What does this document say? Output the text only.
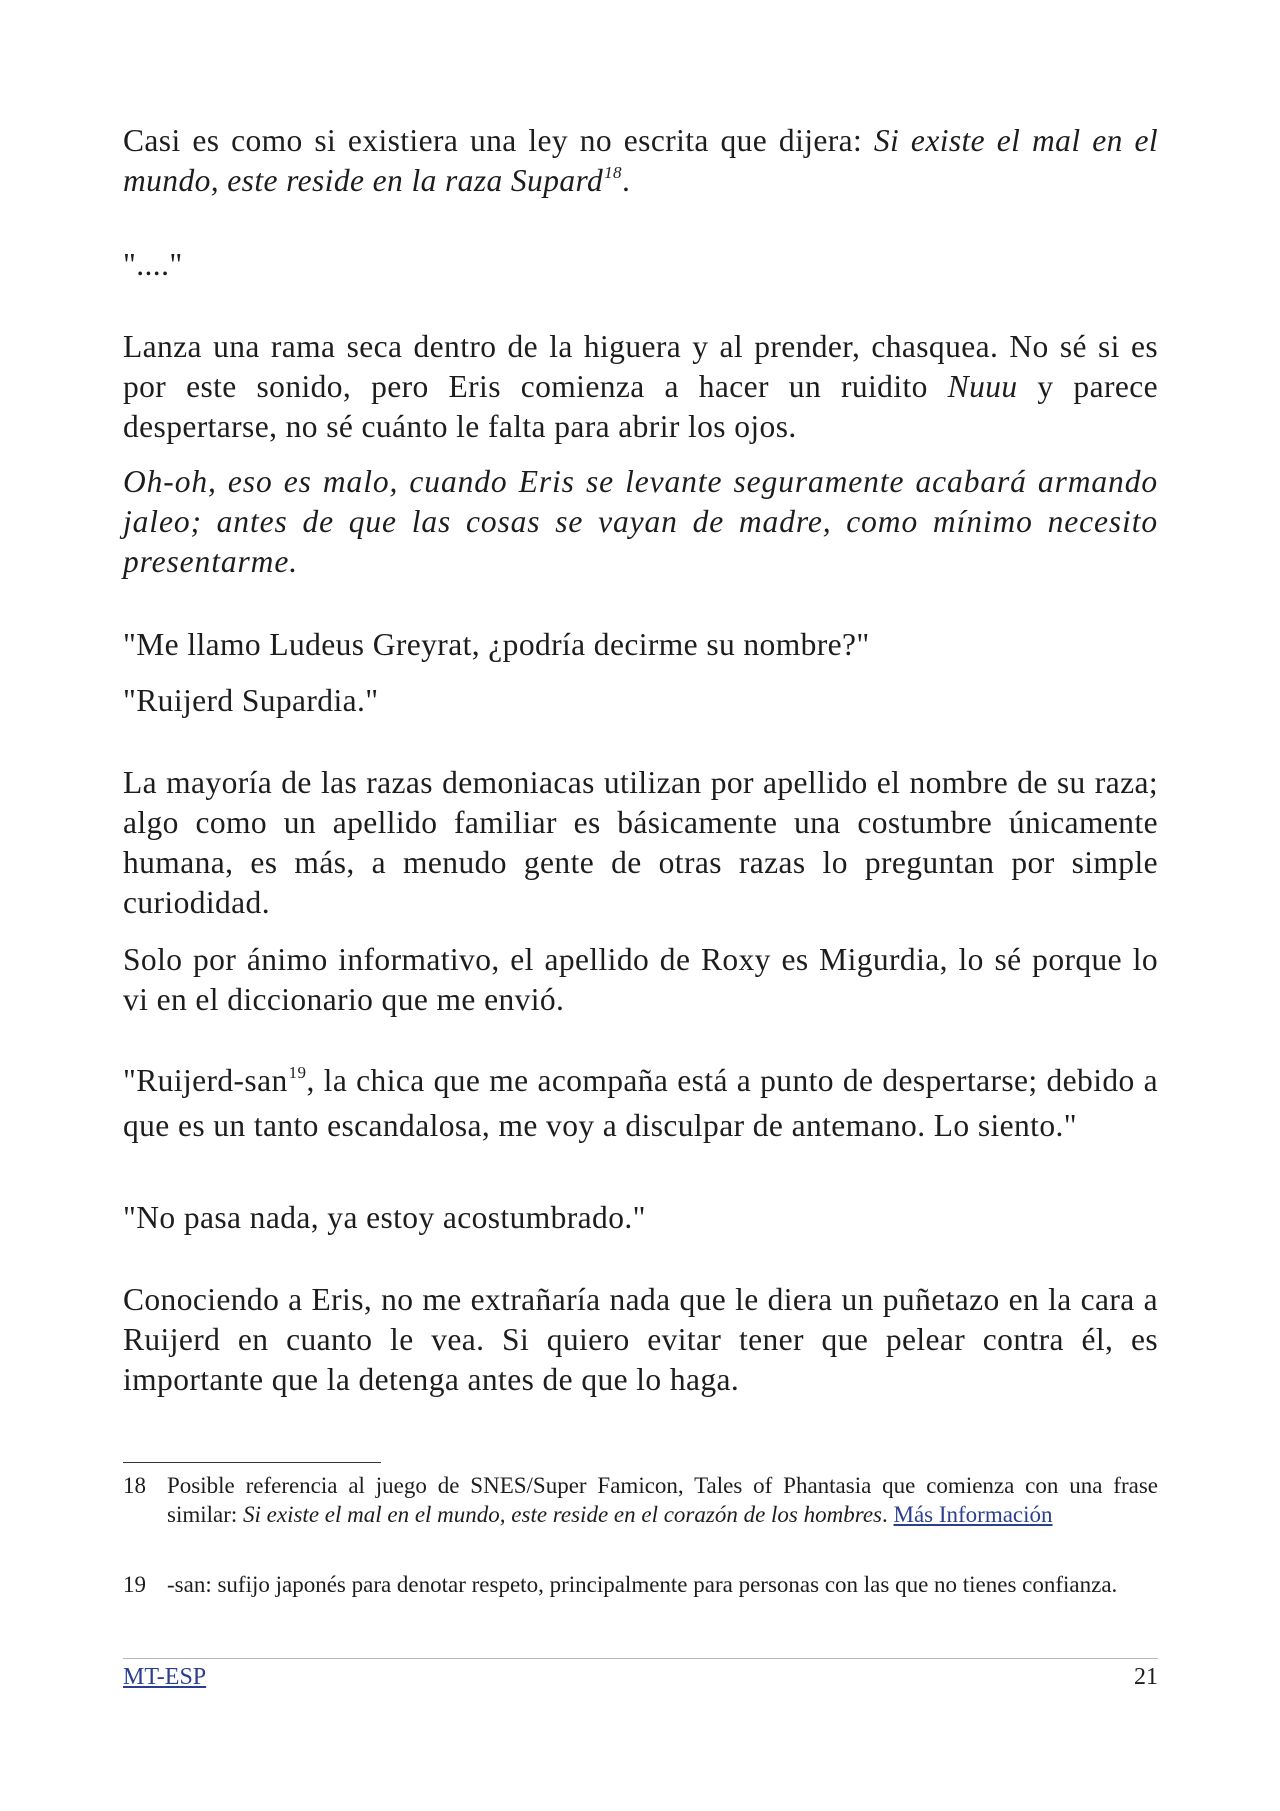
Casi es como si existiera una ley no escrita que dijera: Si existe el mal en el mundo, este reside en la raza Supard$^{18}$.

"...."

Lanza una rama seca dentro de la higuera y al prender, chasquea. No sé si es por este sonido, pero Eris comienza a hacer un ruidito Nuuu y parece despertarse, no sé cuánto le falta para abrir los ojos.

Oh-oh, eso es malo, cuando Eris se levante seguramente acabará armando jaleo; antes de que las cosas se vayan de madre, como mínimo necesito presentarme.

"Me llamo Ludeus Greyrat, ¿podría decirme su nombre?"

"Ruijerd Supardia."

La mayoría de las razas demoniacas utilizan por apellido el nombre de su raza; algo como un apellido familiar es básicamente una costumbre únicamente humana, es más, a menudo gente de otras razas lo preguntan por simple curiodidad.

Solo por ánimo informativo, el apellido de Roxy es Migurdia, lo sé porque lo vi en el diccionario que me envió.

"Ruijerd-san$^{19}$, la chica que me acompaña está a punto de despertarse; debido a que es un tanto escandalosa, me voy a disculpar de antemano. Lo siento."

"No pasa nada, ya estoy acostumbrado."

Conociendo a Eris, no me extrañaría nada que le diera un puñetazo en la cara a Ruijerd en cuanto le vea. Si quiero evitar tener que pelear contra él, es importante que la detenga antes de que lo haga.

18 Posible referencia al juego de SNES/Super Famicon, Tales of Phantasia que comienza con una frase similar: Si existe el mal en el mundo, este reside en el corazón de los hombres. Más Información
19 -san: sufijo japonés para denotar respeto, principalmente para personas con las que no tienes confianza.
MT-ESP	21
